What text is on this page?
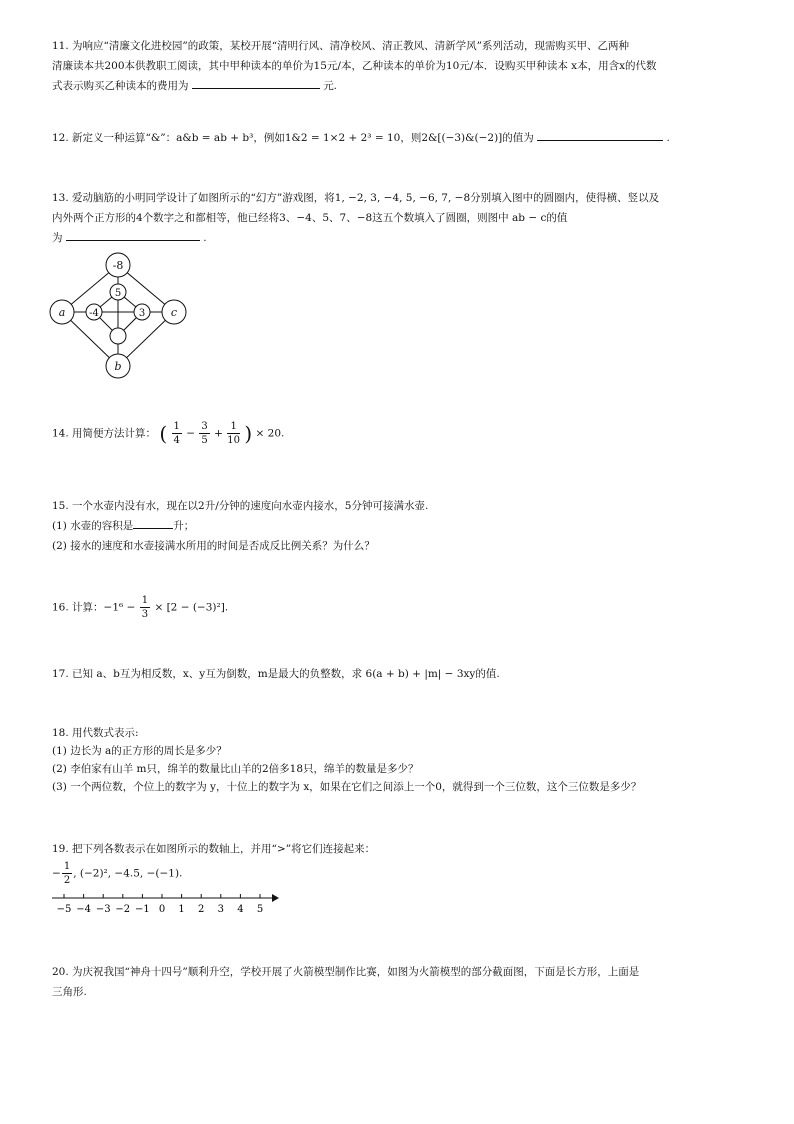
11. 为响应“清廉文化进校园”的政策，某校开展“清明行风、清净校风、清正教风、清新学风”系列活动，现需购买甲、乙两种
清廉读本共200本供教职工阅读，其中甲种读本的单价为15元/本，乙种读本的单价为10元/本．设购买甲种读本 x本，用含x的代数
式表示购买乙种读本的费用为	元.
12. 新定义一种运算“&”：a&b = ab + b³，例如1&2 = 1×2 + 2³ = 10，则2&[(−3)&(−2)]的值为	.
13. 爱动脑筋的小明同学设计了如图所示的“幻方”游戏图，将1, −2, 3, −4, 5, −6, 7, −8分别填入图中的圆圈内，使得横、竖以及
内外两个正方形的4个数字之和都相等，他已经将3、−4、5、7、−8这五个数填入了圆圈，则图中 ab − c的值
为	.
-8
5
-4	3
a	c
b
14. 用简便方法计算： ( $\frac{1}{4} - \frac{3}{5} + \frac{1}{10}$ ) × 20.
15. 一个水壶内没有水，现在以2升/分钟的速度向水壶内接水，5分钟可接满水壶.
(1) 水壶的容积是	升；
(2) 接水的速度和水壶接满水所用的时间是否成反比例关系？为什么？
16. 计算：$-1^6 - \frac{1}{3} \times [2 - (-3)^2]$.
17. 已知 a、b互为相反数，x、y互为倒数，m是最大的负整数，求 6(a + b) + |m| − 3xy的值.
18. 用代数式表示:
(1) 边长为 a的正方形的周长是多少？
(2) 李伯家有山羊 m只，绵羊的数量比山羊的2倍多18只，绵羊的数量是多少？
(3) 一个两位数，个位上的数字为 y，十位上的数字为 x，如果在它们之间添上一个0，就得到一个三位数，这个三位数是多少？
19. 把下列各数表示在如图所示的数轴上，并用“>”将它们连接起来：
− $\frac{1}{2}$ , (−2)², −4.5, −(−1).
−5 −4 −3 −2 −1 0 1 2 3 4 5
20. 为庆祝我国“神舟十四号”顺利升空，学校开展了火箭模型制作比赛，如图为火箭模型的部分截面图，下面是长方形，上面是
三角形.
